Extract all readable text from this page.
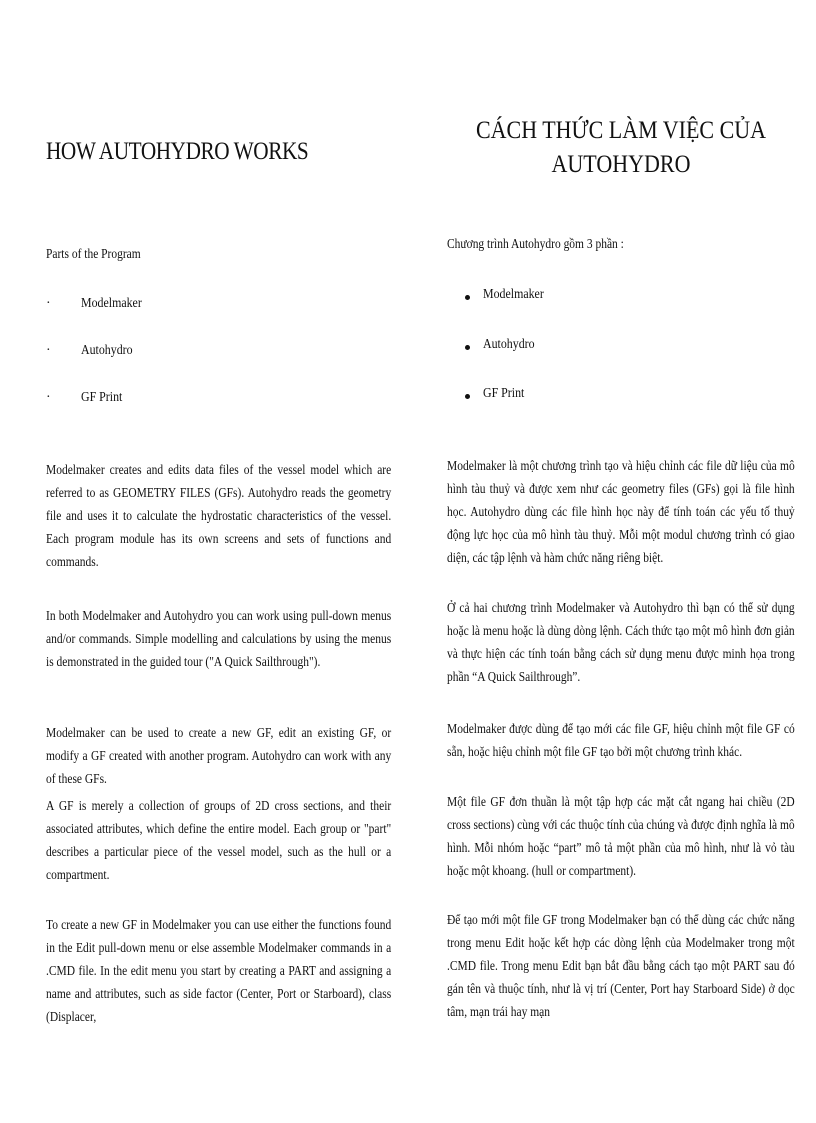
HOW AUTOHYDRO WORKS

Parts of the Program

· Modelmaker
· Autohydro
· GF Print

Modelmaker creates and edits data files of the vessel model which are referred to as GEOMETRY FILES (GFs). Autohydro reads the geometry file and uses it to calculate the hydrostatic characteristics of the vessel. Each program module has its own screens and sets of functions and commands.

In both Modelmaker and Autohydro you can work using pull-down menus and/or commands. Simple modelling and calculations by using the menus is demonstrated in the guided tour ("A Quick Sailthrough").

Modelmaker can be used to create a new GF, edit an existing GF, or modify a GF created with another program. Autohydro can work with any of these GFs.

A GF is merely a collection of groups of 2D cross sections, and their associated attributes, which define the entire model. Each group or "part" describes a particular piece of the vessel model, such as the hull or a compartment.

To create a new GF in Modelmaker you can use either the functions found in the Edit pull-down menu or else assemble Modelmaker commands in a .CMD file. In the edit menu you start by creating a PART and assigning a name and attributes, such as side factor (Center, Port or Starboard), class (Displacer,

CÁCH THỨC LÀM VIỆC CỦA
AUTOHYDRO

Chương trình Autohydro gồm 3 phần :

Modelmaker
Autohydro
GF Print

Modelmaker là một chương trình tạo và hiệu chỉnh các file dữ liệu của mô hình tàu thuỷ và được xem như các geometry files (GFs) gọi là file hình học. Autohydro dùng các file hình học này để tính toán các yếu tố thuỷ động lực học của mô hình tàu thuỷ. Mỗi một modul chương trình có giao diện, các tập lệnh và hàm chức năng riêng biệt.

Ở cả hai chương trình Modelmaker và Autohydro thì bạn có thể sử dụng hoặc là menu hoặc là dùng dòng lệnh. Cách thức tạo một mô hình đơn giản và thực hiện các tính toán bằng cách sử dụng menu được minh họa trong phần “A Quick Sailthrough”.

Modelmaker được dùng để tạo mới các file GF, hiệu chỉnh một file GF có sẵn, hoặc hiệu chỉnh một file GF tạo bởi một chương trình khác.

Một file GF đơn thuần là một tập hợp các mặt cắt ngang hai chiều (2D cross sections) cùng với các thuộc tính của chúng và được định nghĩa là mô hình. Mỗi nhóm hoặc “part” mô tả một phần của mô hình, như là vỏ tàu hoặc một khoang. (hull or compartment).

Để tạo mới một file GF trong Modelmaker bạn có thể dùng các chức năng trong menu Edit hoặc kết hợp các dòng lệnh của Modelmaker trong một .CMD file. Trong menu Edit bạn bắt đầu bằng cách tạo một PART sau đó gán tên và thuộc tính, như là vị trí (Center, Port hay Starboard Side) ở dọc tâm, mạn trái hay mạn
